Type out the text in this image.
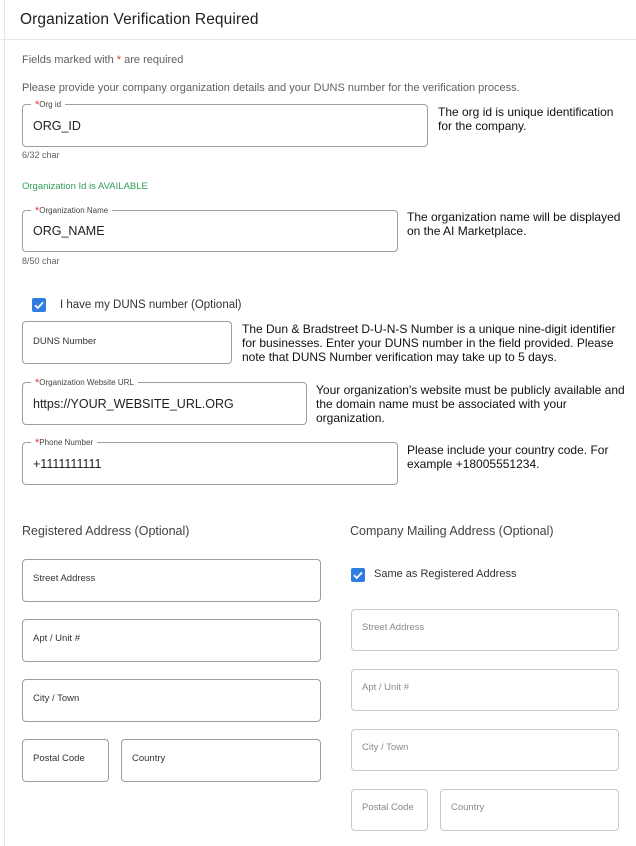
Organization Verification Required
Fields marked with * are required
Please provide your company organization details and your DUNS number for the verification process.
*Org id
ORG_ID
The org id is unique identification for the company.
6/32 char
Organization Id is AVAILABLE
*Organization Name
ORG_NAME
The organization name will be displayed on the AI Marketplace.
8/50 char
I have my DUNS number (Optional)
DUNS Number
The Dun & Bradstreet D-U-N-S Number is a unique nine-digit identifier for businesses. Enter your DUNS number in the field provided. Please note that DUNS Number verification may take up to 5 days.
*Organization Website URL
https://YOUR_WEBSITE_URL.ORG
Your organization's website must be publicly available and the domain name must be associated with your organization.
*Phone Number
+1111111111
Please include your country code. For example +18005551234.
Registered Address (Optional)
Street Address
Apt / Unit #
City / Town
Postal Code	Country
Company Mailing Address (Optional)
Same as Registered Address
Street Address
Apt / Unit #
City / Town
Postal Code	Country
